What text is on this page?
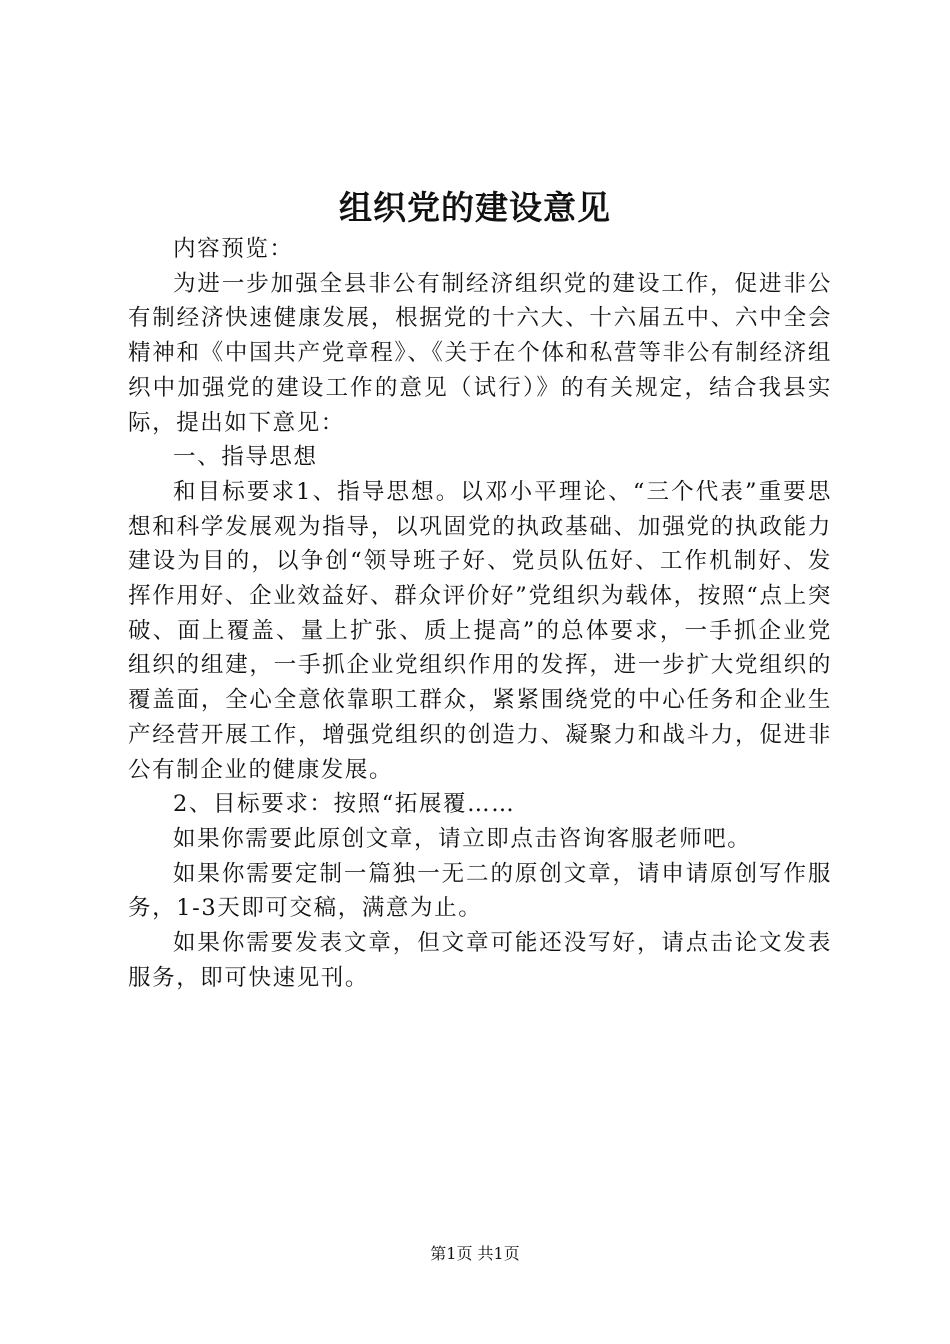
组织党的建设意见

内容预览：

为进一步加强全县非公有制经济组织党的建设工作，促进非公有制经济快速健康发展，根据党的十六大、十六届五中、六中全会精神和《中国共产党章程》、《关于在个体和私营等非公有制经济组织中加强党的建设工作的意见（试行）》的有关规定，结合我县实际，提出如下意见：

一、指导思想

和目标要求1、指导思想。以邓小平理论、“三个代表”重要思想和科学发展观为指导，以巩固党的执政基础、加强党的执政能力建设为目的，以争创“领导班子好、党员队伍好、工作机制好、发挥作用好、企业效益好、群众评价好”党组织为载体，按照“点上突破、面上覆盖、量上扩张、质上提高”的总体要求，一手抓企业党组织的组建，一手抓企业党组织作用的发挥，进一步扩大党组织的覆盖面，全心全意依靠职工群众，紧紧围绕党的中心任务和企业生产经营开展工作，增强党组织的创造力、凝聚力和战斗力，促进非公有制企业的健康发展。

2、目标要求：按照“拓展覆……

如果你需要此原创文章，请立即点击咨询客服老师吧。

如果你需要定制一篇独一无二的原创文章，请申请原创写作服务，1-3天即可交稿，满意为止。

如果你需要发表文章，但文章可能还没写好，请点击论文发表服务，即可快速见刊。

第1页 共1页
